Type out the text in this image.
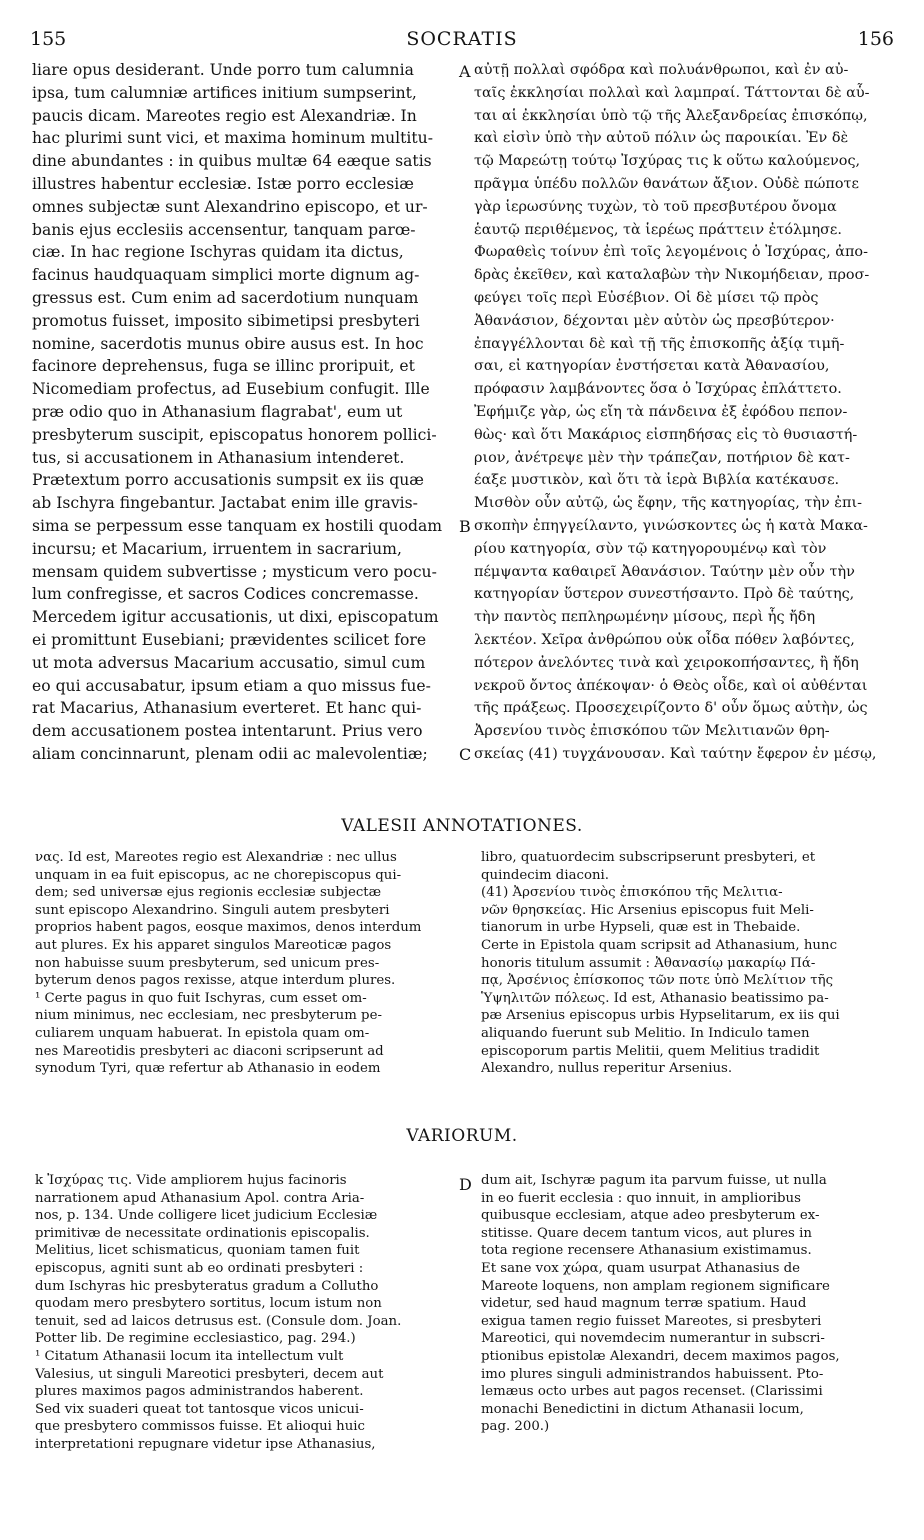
155	SOCRATIS	156
liare opus desiderant. Unde porro tum calumnia
ipsa, tum calumniæ artifices initium sumpserint,
paucis dicam. Mareotes regio est Alexandriæ. In
hac plurimi sunt vici, et maxima hominum multitu-
dine abundantes : in quibus multæ 64 eæque satis
illustres habentur ecclesiæ. Istæ porro ecclesiæ
omnes subjectæ sunt Alexandrino episcopo, et ur-
banis ejus ecclesiis accensentur, tanquam parœ-
ciæ. In hac regione Ischyras quidam ita dictus,
facinus haudquaquam simplici morte dignum ag-
gressus est. Cum enim ad sacerdotium nunquam
promotus fuisset, imposito sibimetipsi presbyteri
nomine, sacerdotis munus obire ausus est. In hoc
facinore deprehensus, fuga se illinc proripuit, et
Nicomediam profectus, ad Eusebium confugit. Ille
præ odio quo in Athanasium flagrabat', eum ut
presbyterum suscipit, episcopatus honorem pollici-
tus, si accusationem in Athanasium intenderet.
Prætextum porro accusationis sumpsit ex iis quæ
ab Ischyra fingebantur. Jactabat enim ille gravis-
sima se perpessum esse tanquam ex hostili quodam
incursu; et Macarium, irruentem in sacrarium,
mensam quidem subvertisse ; mysticum vero pocu-
lum confregisse, et sacros Codices concremasse.
Mercedem igitur accusationis, ut dixi, episcopatum
ei promittunt Eusebiani; prævidentes scilicet fore
ut mota adversus Macarium accusatio, simul cum
eo qui accusabatur, ipsum etiam a quo missus fue-
rat Macarius, Athanasium everteret. Et hanc qui-
dem accusationem postea intentarunt. Prius vero
aliam concinnarunt, plenam odii ac malevolentiæ;
αὐτῇ πολλαὶ σφόδρα καὶ πολυάνθρωποι, καὶ ἐν αὐ-
ταῖς ἐκκλησίαι πολλαὶ καὶ λαμπραί. Τάττονται δὲ αὗ-
ται αἱ ἐκκλησίαι ὑπὸ τῷ τῆς Ἀλεξανδρείας ἐπισκόπῳ,
καὶ εἰσὶν ὑπὸ τὴν αὐτοῦ πόλιν ὡς παροικίαι. Ἐν δὲ
τῷ Μαρεώτῃ τούτῳ Ἰσχύρας τις k οὕτω καλούμενος,
πρᾶγμα ὑπέδυ πολλῶν θανάτων ἄξιον. Οὐδὲ πώποτε
γὰρ ἱερωσύνης τυχὼν, τὸ τοῦ πρεσβυτέρου ὄνομα
ἑαυτῷ περιθέμενος, τὰ ἱερέως πράττειν ἐτόλμησε.
Φωραθεὶς τοίνυν ἐπὶ τοῖς λεγομένοις ὁ Ἰσχύρας, ἀπο-
δρὰς ἐκεῖθεν, καὶ καταλαβὼν τὴν Νικομήδειαν, προσ-
φεύγει τοῖς περὶ Εὐσέβιον. Οἱ δὲ μίσει τῷ πρὸς
Ἀθανάσιον, δέχονται μὲν αὐτὸν ὡς πρεσβύτερον·
ἐπαγγέλλονται δὲ καὶ τῇ τῆς ἐπισκοπῆς ἀξίᾳ τιμῆ-
σαι, εἰ κατηγορίαν ἐνστήσεται κατὰ Ἀθανασίου,
πρόφασιν λαμβάνοντες ὅσα ὁ Ἰσχύρας ἐπλάττετο.
Ἐφήμιζε γὰρ, ὡς εἴη τὰ πάνδεινα ἐξ ἐφόδου πεπον-
θὼς· καὶ ὅτι Μακάριος εἰσπηδήσας εἰς τὸ θυσιαστή-
ριον, ἀνέτρεψε μὲν τὴν τράπεζαν, ποτήριον δὲ κατ-
έαξε μυστικὸν, καὶ ὅτι τὰ ἱερὰ Βιβλία κατέκαυσε.
Μισθὸν οὖν αὐτῷ, ὡς ἔφην, τῆς κατηγορίας, τὴν ἐπι-
σκοπὴν ἐπηγγείλαντο, γινώσκοντες ὡς ἡ κατὰ Μακα-
ρίου κατηγορία, σὺν τῷ κατηγορουμένῳ καὶ τὸν
πέμψαντα καθαιρεῖ Ἀθανάσιον. Ταύτην μὲν οὖν τὴν
κατηγορίαν ὕστερον συνεστήσαντο. Πρὸ δὲ ταύτης,
τὴν παντὸς πεπληρωμένην μίσους, περὶ ἧς ἤδη
λεκτέον. Χεῖρα ἀνθρώπου οὐκ οἶδα πόθεν λαβόντες,
πότερον ἀνελόντες τινὰ καὶ χειροκοπήσαντες, ἢ ἤδη
νεκροῦ ὄντος ἀπέκοψαν· ὁ Θεὸς οἶδε, καὶ οἱ αὐθένται
τῆς πράξεως. Προσεχειρίζοντο δ' οὖν ὅμως αὐτὴν, ὡς
Ἀρσενίου τινὸς ἐπισκόπου τῶν Μελιτιανῶν θρη-
σκείας (41) τυγχάνουσαν. Καὶ ταύτην ἔφερον ἐν μέσῳ,
A
B
C
D
VALESII ANNOTATIONES.
νας. Id est, Mareotes regio est Alexandriæ : nec ullus
unquam in ea fuit episcopus, ac ne chorepiscopus qui-
dem; sed universæ ejus regionis ecclesiæ subjectæ
sunt episcopo Alexandrino. Singuli autem presbyteri
proprios habent pagos, eosque maximos, denos interdum
aut plures. Ex his apparet singulos Mareoticæ pagos
non habuisse suum presbyterum, sed unicum pres-
byterum denos pagos rexisse, atque interdum plures.
¹ Certe pagus in quo fuit Ischyras, cum esset om-
nium minimus, nec ecclesiam, nec presbyterum pe-
culiarem unquam habuerat. In epistola quam om-
nes Mareotidis presbyteri ac diaconi scripserunt ad
synodum Tyri, quæ refertur ab Athanasio in eodem
libro, quatuordecim subscripserunt presbyteri, et
quindecim diaconi.
(41) Ἀρσενίου τινὸς ἐπισκόπου τῆς Μελιτια-
νῶν θρησκείας. Hic Arsenius episcopus fuit Meli-
tianorum in urbe Hypseli, quæ est in Thebaide.
Certe in Epistola quam scripsit ad Athanasium, hunc
honoris titulum assumit : Ἀθανασίῳ μακαρίῳ Πά-
πᾳ, Ἀρσένιος ἐπίσκοπος τῶν ποτε ὑπὸ Μελίτιον τῆς
Ὑψηλιτῶν πόλεως. Id est, Athanasio beatissimo pa-
pæ Arsenius episcopus urbis Hypselitarum, ex iis qui
aliquando fuerunt sub Melitio. In Indiculo tamen
episcoporum partis Melitii, quem Melitius tradidit
Alexandro, nullus reperitur Arsenius.
VARIORUM.
k Ἰσχύρας τις. Vide ampliorem hujus facinoris
narrationem apud Athanasium Apol. contra Aria-
nos, p. 134. Unde colligere licet judicium Ecclesiæ
primitivæ de necessitate ordinationis episcopalis.
Melitius, licet schismaticus, quoniam tamen fuit
episcopus, agniti sunt ab eo ordinati presbyteri :
dum Ischyras hic presbyteratus gradum a Collutho
quodam mero presbytero sortitus, locum istum non
tenuit, sed ad laicos detrusus est. (Consule dom. Joan.
Potter lib. De regimine ecclesiastico, pag. 294.)
¹ Citatum Athanasii locum ita intellectum vult
Valesius, ut singuli Mareotici presbyteri, decem aut
plures maximos pagos administrandos haberent.
Sed vix suaderi queat tot tantosque vicos unicui-
que presbytero commissos fuisse. Et alioqui huic
interpretationi repugnare videtur ipse Athanasius,
dum ait, Ischyræ pagum ita parvum fuisse, ut nulla
in eo fuerit ecclesia : quo innuit, in amplioribus
quibusque ecclesiam, atque adeo presbyterum ex-
stitisse. Quare decem tantum vicos, aut plures in
tota regione recensere Athanasium existimamus.
Et sane vox χώρα, quam usurpat Athanasius de
Mareote loquens, non amplam regionem significare
videtur, sed haud magnum terræ spatium. Haud
exigua tamen regio fuisset Mareotes, si presbyteri
Mareotici, qui novemdecim numerantur in subscri-
ptionibus epistolæ Alexandri, decem maximos pagos,
imo plures singuli administrandos habuissent. Pto-
lemæus octo urbes aut pagos recenset. (Clarissimi
monachi Benedictini in dictum Athanasii locum,
pag. 200.)
